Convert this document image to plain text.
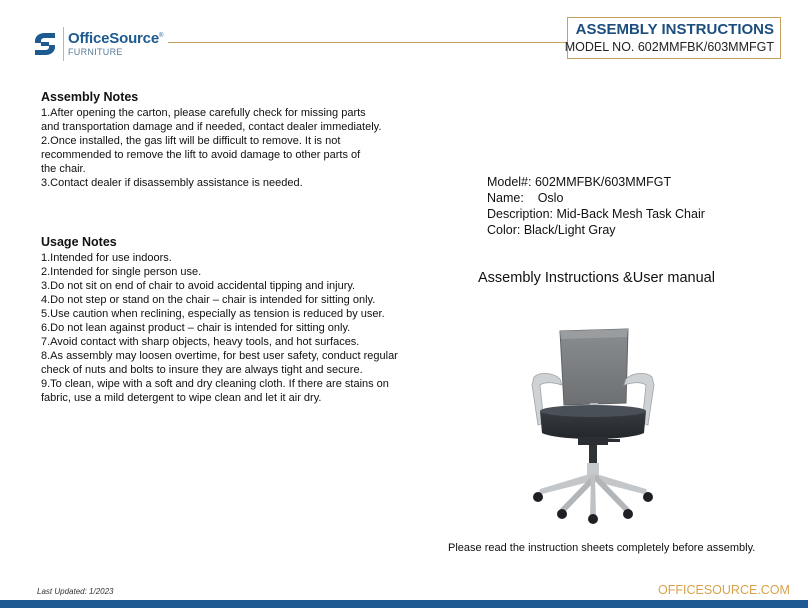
OfficeSource®
FURNITURE
ASSEMBLY INSTRUCTIONS
MODEL NO. 602MMFBK/603MMFGT
Assembly Notes

1.After opening the carton, please carefully check for missing parts
and transportation damage and if needed, contact dealer immediately.
2.Once installed, the gas lift will be difficult to remove. It is not
recommended to remove the lift to avoid damage to other parts of
the chair.
3.Contact dealer if disassembly assistance is needed.

Usage Notes

1.Intended for use indoors.
2.Intended for single person use.
3.Do not sit on end of chair to avoid accidental tipping and injury.
4.Do not step or stand on the chair – chair is intended for sitting only.
5.Use caution when reclining, especially as tension is reduced by user.
6.Do not lean against product – chair is intended for sitting only.
7.Avoid contact with sharp objects, heavy tools, and hot surfaces.
8.As assembly may loosen overtime, for best user safety, conduct regular
check of nuts and bolts to insure they are always tight and secure.
9.To clean, wipe with a soft and dry cleaning cloth. If there are stains on
fabric, use a mild detergent to wipe clean and let it air dry.

Model#: 602MMFBK/603MMFGT
Name:    Oslo
Description: Mid-Back Mesh Task Chair
Color: Black/Light Gray
Assembly Instructions &User manual
Please read the instruction sheets completely before assembly.
Last Updated: 1/2023	OFFICESOURCE.COM
